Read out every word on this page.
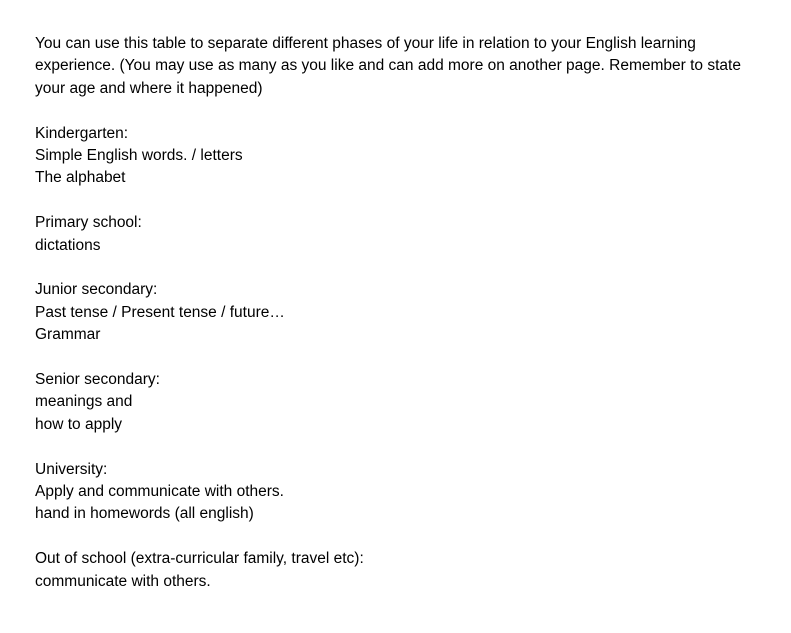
You can use this table to separate different phases of your life in relation to your English learning experience. (You may use as many as you like and can add more on another page. Remember to state your age and where it happened)

Kindergarten:
Simple English words. / letters
The alphabet
Primary school:
dictations
Junior secondary:
Past tense / Present tense / future…
Grammar
Senior secondary:
meanings and
how to apply
University:
Apply and communicate with others.
hand in homewords (all english)
Out of school (extra-curricular family, travel etc):
communicate with others.
